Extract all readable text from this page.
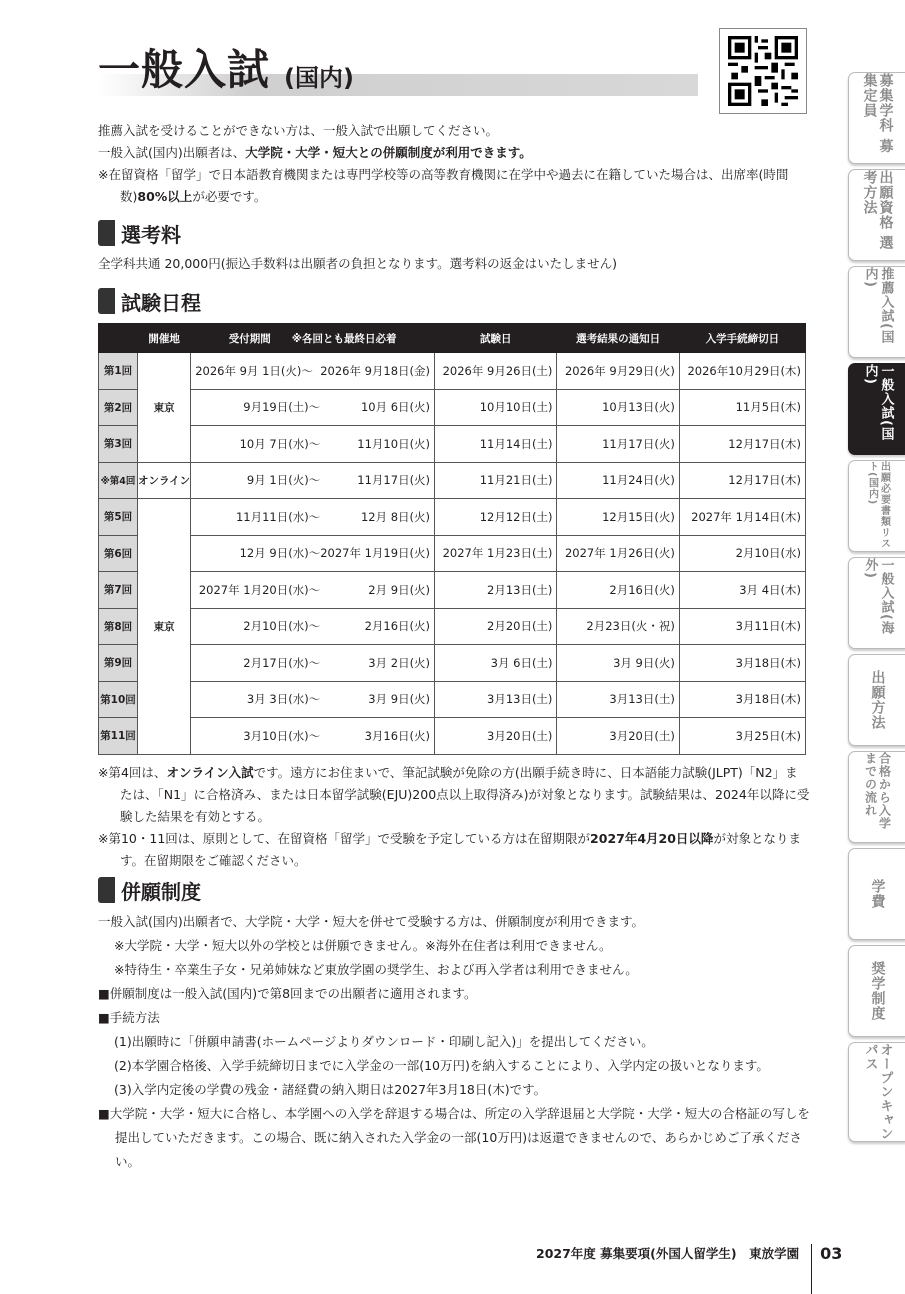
一般入試 (国内)

推薦入試を受けることができない方は、一般入試で出願してください。

一般入試(国内)出願者は、大学院・大学・短大との併願制度が利用できます。

※在留資格「留学」で日本語教育機関または専門学校等の高等教育機関に在学中や過去に在籍していた場合は、出席率(時間数)80%以上が必要です。

選考料
全学科共通 20,000円(振込手数料は出願者の負担となります。選考料の返金はいたしません)
試験日程
	開催地	受付期間　　※各回とも最終日必着	試験日	選考結果の通知日	入学手続締切日
第1回	東京	2026年 9月 1日(火)～ 2026年 9月18日(金)	2026年 9月26日(土)	2026年 9月29日(火)	2026年10月29日(木)
第2回		9月19日(土)～ 10月 6日(火)	10月10日(土)	10月13日(火)	11月5日(木)
第3回		10月 7日(水)～ 11月10日(火)	11月14日(土)	11月17日(火)	12月17日(木)
※第4回	オンライン	9月 1日(火)～ 11月17日(火)	11月21日(土)	11月24日(火)	12月17日(木)
第5回	東京	11月11日(水)～ 12月 8日(火)	12月12日(土)	12月15日(火)	2027年 1月14日(木)
第6回		12月 9日(水)～ 2027年 1月19日(火)	2027年 1月23日(土)	2027年 1月26日(火)	2月10日(水)
第7回		2027年 1月20日(水)～ 2月 9日(火)	2月13日(土)	2月16日(火)	3月 4日(木)
第8回		2月10日(水)～ 2月16日(火)	2月20日(土)	2月23日(火・祝)	3月11日(木)
第9回		2月17日(水)～ 3月 2日(火)	3月 6日(土)	3月 9日(火)	3月18日(木)
第10回		3月 3日(水)～ 3月 9日(火)	3月13日(土)	3月13日(土)	3月18日(木)
第11回		3月10日(水)～ 3月16日(火)	3月20日(土)	3月20日(土)	3月25日(木)

※第4回は、オンライン入試です。遠方にお住まいで、筆記試験が免除の方(出願手続き時に、日本語能力試験(JLPT)「N2」または、「N1」に合格済み、または日本留学試験(EJU)200点以上取得済み)が対象となります。試験結果は、2024年以降に受験した結果を有効とする。

※第10・11回は、原則として、在留資格「留学」で受験を予定している方は在留期限が2027年4月20日以降が対象となります。在留期限をご確認ください。

併願制度

一般入試(国内)出願者で、大学院・大学・短大を併せて受験する方は、併願制度が利用できます。

※大学院・大学・短大以外の学校とは併願できません。※海外在住者は利用できません。

※特待生・卒業生子女・兄弟姉妹など東放学園の奨学生、および再入学者は利用できません。

■併願制度は一般入試(国内)で第8回までの出願者に適用されます。

■手続方法

(1)出願時に「併願申請書(ホームページよりダウンロード・印刷し記入)」を提出してください。

(2)本学園合格後、入学手続締切日までに入学金の一部(10万円)を納入することにより、入学内定の扱いとなります。

(3)入学内定後の学費の残金・諸経費の納入期日は2027年3月18日(木)です。

■大学院・大学・短大に合格し、本学園への入学を辞退する場合は、所定の入学辞退届と大学院・大学・短大の合格証の写しを提出していただきます。この場合、既に納入された入学金の一部(10万円)は返還できませんので、あらかじめご了承ください。

募集学科 募集定員
出願資格 選考方法
推薦入試(国内)
一般入試(国内)
出願必要書類リスト(国内)
一般入試(海外)
出願方法
合格から入学までの流れ
学費
奨学制度
オープンキャンパス
2027年度 募集要項(外国人留学生)　東放学園 03
